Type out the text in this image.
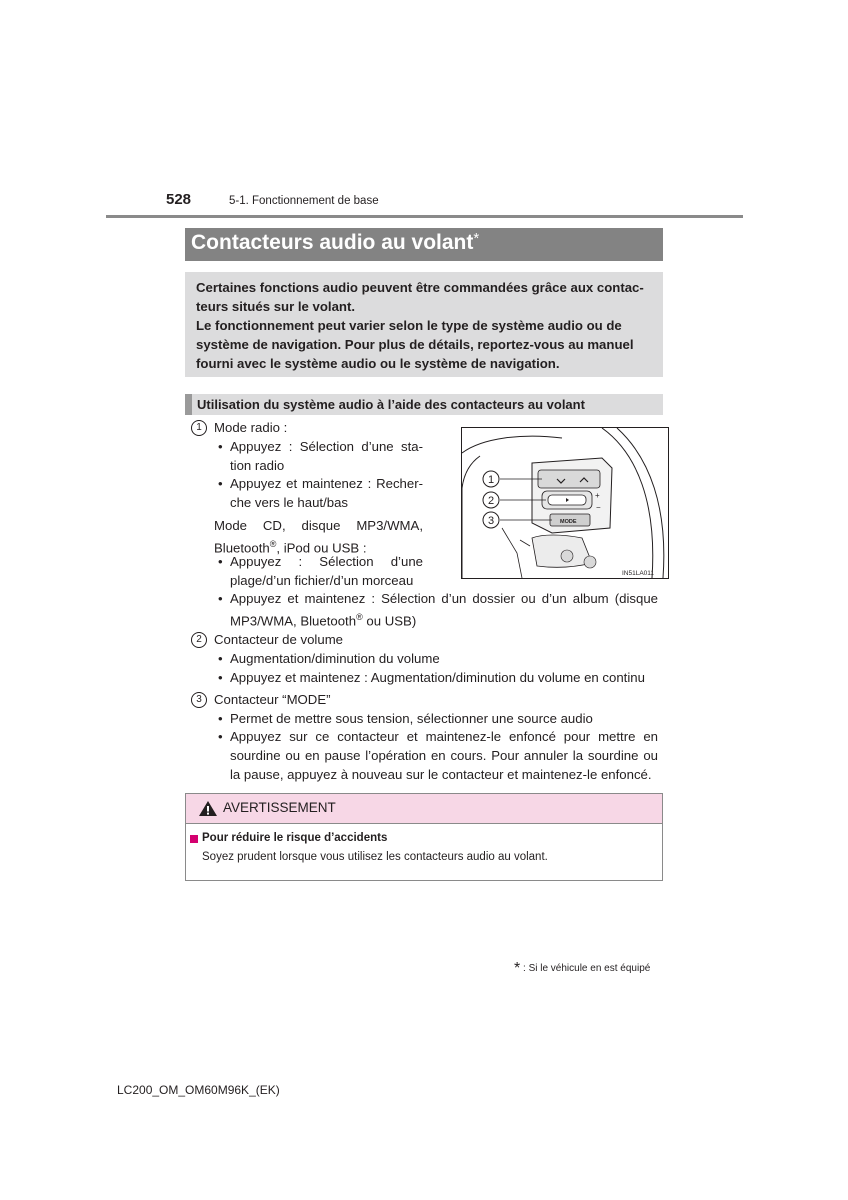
528	5-1. Fonctionnement de base
Contacteurs audio au volant*

Certaines fonctions audio peuvent être commandées grâce aux contac-

teurs situés sur le volant.

Le fonctionnement peut varier selon le type de système audio ou de

système de navigation. Pour plus de détails, reportez-vous au manuel

fourni avec le système audio ou le système de navigation.

Utilisation du système audio à l’aide des contacteurs au volant
1 Mode radio :
• Appuyez : Sélection d’une sta-
tion radio
• Appuyez et maintenez : Recher-
che vers le haut/bas
Mode CD, disque MP3/WMA,
Bluetooth®, iPod ou USB :
• Appuyez : Sélection d’une
plage/d’un fichier/d’un morceau
• Appuyez et maintenez : Sélection d’un dossier ou d’un album (disque
MP3/WMA, Bluetooth® ou USB)
2 Contacteur de volume
• Augmentation/diminution du volume
• Appuyez et maintenez : Augmentation/diminution du volume en continu
3 Contacteur “MODE”
• Permet de mettre sous tension, sélectionner une source audio
• Appuyez sur ce contacteur et maintenez-le enfoncé pour mettre en
sourdine ou en pause l’opération en cours. Pour annuler la sourdine ou
la pause, appuyez à nouveau sur le contacteur et maintenez-le enfoncé.
+
−
MODE
1
2
3
IN51LA011
AVERTISSEMENT
Pour réduire le risque d’accidents
Soyez prudent lorsque vous utilisez les contacteurs audio au volant.
* : Si le véhicule en est équipé
LC200_OM_OM60M96K_(EK)
